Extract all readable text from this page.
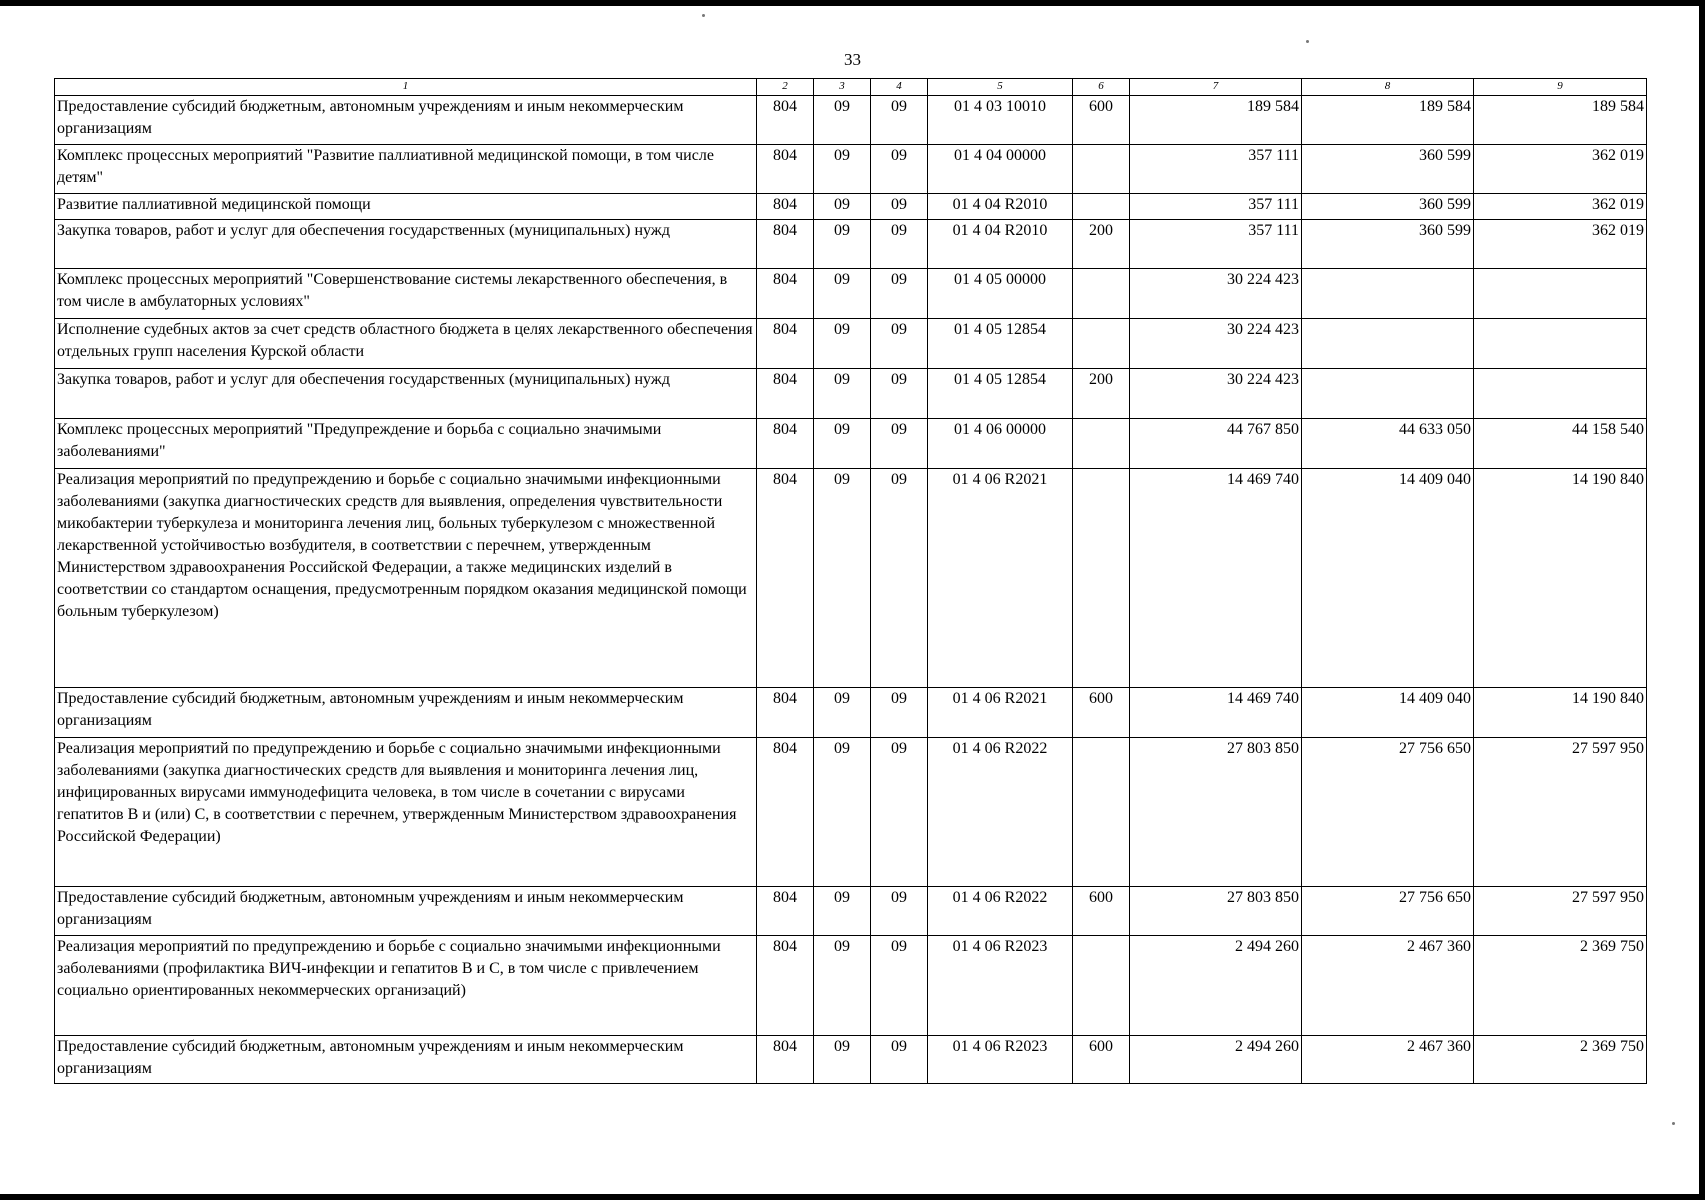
33
1	2	3	4	5	6	7	8	9
Предоставление субсидий бюджетным, автономным учреждениям и иным некоммерческим организациям	804	09	09	01 4 03 10010	600	189 584	189 584	189 584
Комплекс процессных мероприятий "Развитие паллиативной медицинской помощи, в том числе детям"	804	09	09	01 4 04 00000		357 111	360 599	362 019
Развитие паллиативной медицинской помощи	804	09	09	01 4 04 R2010		357 111	360 599	362 019
Закупка товаров, работ и услуг для обеспечения государственных (муниципальных) нужд	804	09	09	01 4 04 R2010	200	357 111	360 599	362 019
Комплекс процессных мероприятий "Совершенствование системы лекарственного обеспечения, в том числе в амбулаторных условиях"	804	09	09	01 4 05 00000		30 224 423		
Исполнение судебных актов за счет средств областного бюджета в целях лекарственного обеспечения отдельных групп населения Курской области	804	09	09	01 4 05 12854		30 224 423		
Закупка товаров, работ и услуг для обеспечения государственных (муниципальных) нужд	804	09	09	01 4 05 12854	200	30 224 423		
Комплекс процессных мероприятий "Предупреждение и борьба с социально значимыми заболеваниями"	804	09	09	01 4 06 00000		44 767 850	44 633 050	44 158 540
Реализация мероприятий по предупреждению и борьбе с социально значимыми инфекционными заболеваниями (закупка диагностических средств для выявления, определения чувствительности микобактерии туберкулеза и мониторинга лечения лиц, больных туберкулезом с множественной лекарственной устойчивостью возбудителя, в соответствии с перечнем, утвержденным Министерством здравоохранения Российской Федерации, а также медицинских изделий в соответствии со стандартом оснащения, предусмотренным порядком оказания медицинской помощи больным туберкулезом)	804	09	09	01 4 06 R2021		14 469 740	14 409 040	14 190 840
Предоставление субсидий бюджетным, автономным учреждениям и иным некоммерческим организациям	804	09	09	01 4 06 R2021	600	14 469 740	14 409 040	14 190 840
Реализация мероприятий по предупреждению и борьбе с социально значимыми инфекционными заболеваниями (закупка диагностических средств для выявления и мониторинга лечения лиц, инфицированных вирусами иммунодефицита человека, в том числе в сочетании с вирусами гепатитов B и (или) C, в соответствии с перечнем, утвержденным Министерством здравоохранения Российской Федерации)	804	09	09	01 4 06 R2022		27 803 850	27 756 650	27 597 950
Предоставление субсидий бюджетным, автономным учреждениям и иным некоммерческим организациям	804	09	09	01 4 06 R2022	600	27 803 850	27 756 650	27 597 950
Реализация мероприятий по предупреждению и борьбе с социально значимыми инфекционными заболеваниями (профилактика ВИЧ-инфекции и гепатитов B и C, в том числе с привлечением социально ориентированных некоммерческих организаций)	804	09	09	01 4 06 R2023		2 494 260	2 467 360	2 369 750
Предоставление субсидий бюджетным, автономным учреждениям и иным некоммерческим организациям	804	09	09	01 4 06 R2023	600	2 494 260	2 467 360	2 369 750
